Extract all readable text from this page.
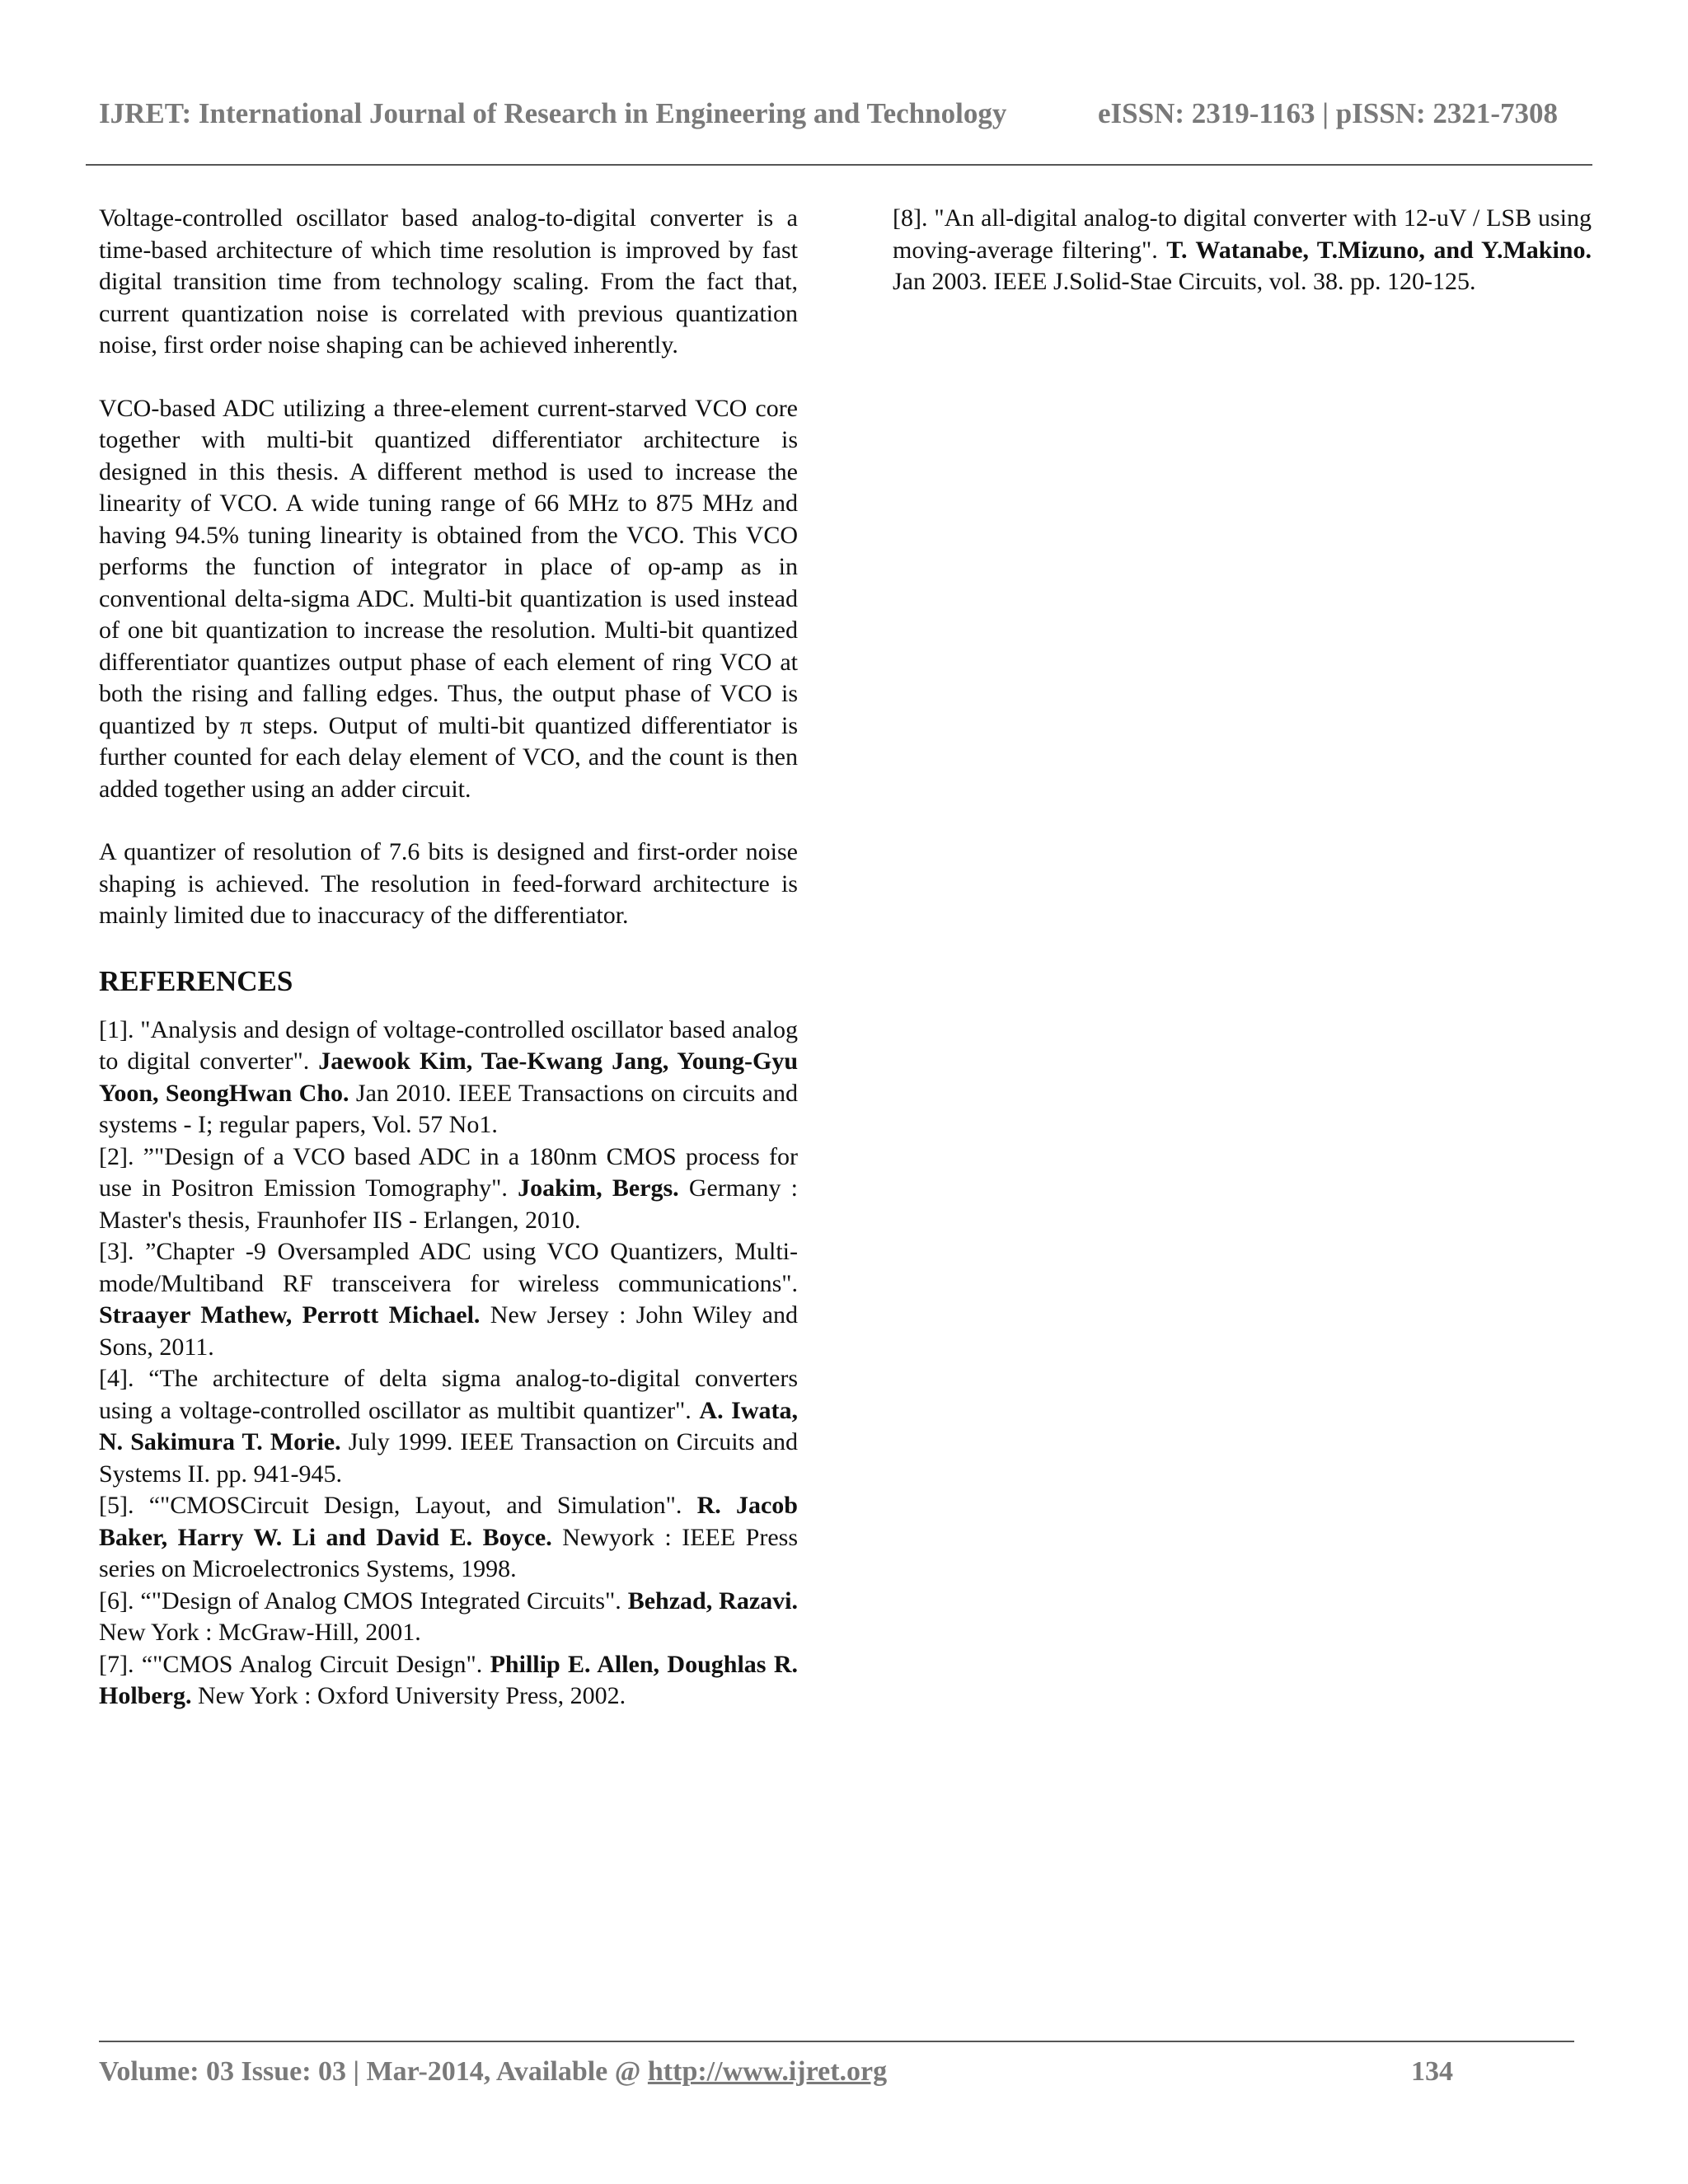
IJRET: International Journal of Research in Engineering and Technology	eISSN: 2319-1163 | pISSN: 2321-7308

Voltage-controlled oscillator based analog-to-digital converter is a time-based architecture of which time resolution is improved by fast digital transition time from technology scaling. From the fact that, current quantization noise is correlated with previous quantization noise, first order noise shaping can be achieved inherently.

VCO-based ADC utilizing a three-element current-starved VCO core together with multi-bit quantized differentiator architecture is designed in this thesis. A different method is used to increase the linearity of VCO. A wide tuning range of 66 MHz to 875 MHz and having 94.5% tuning linearity is obtained from the VCO. This VCO performs the function of integrator in place of op-amp as in conventional delta-sigma ADC. Multi-bit quantization is used instead of one bit quantization to increase the resolution. Multi-bit quantized differentiator quantizes output phase of each element of ring VCO at both the rising and falling edges. Thus, the output phase of VCO is quantized by π steps. Output of multi-bit quantized differentiator is further counted for each delay element of VCO, and the count is then added together using an adder circuit.

A quantizer of resolution of 7.6 bits is designed and first-order noise shaping is achieved. The resolution in feed-forward architecture is mainly limited due to inaccuracy of the differentiator.

REFERENCES
[1]. "Analysis and design of voltage-controlled oscillator based analog to digital converter". Jaewook Kim, Tae-Kwang Jang, Young-Gyu Yoon, SeongHwan Cho. Jan 2010. IEEE Transactions on circuits and systems - I; regular papers, Vol. 57 No1.
[2]. ”"Design of a VCO based ADC in a 180nm CMOS process for use in Positron Emission Tomography". Joakim, Bergs. Germany : Master's thesis, Fraunhofer IIS - Erlangen, 2010.
[3]. ”Chapter -9 Oversampled ADC using VCO Quantizers, Multi-mode/Multiband RF transceivera for wireless communications". Straayer Mathew, Perrott Michael. New Jersey : John Wiley and Sons, 2011.
[4]. “The architecture of delta sigma analog-to-digital converters using a voltage-controlled oscillator as multibit quantizer". A. Iwata, N. Sakimura T. Morie. July 1999. IEEE Transaction on Circuits and Systems II. pp. 941-945.
[5]. “"CMOSCircuit Design, Layout, and Simulation". R. Jacob Baker, Harry W. Li and David E. Boyce. Newyork : IEEE Press series on Microelectronics Systems, 1998.
[6]. “"Design of Analog CMOS Integrated Circuits". Behzad, Razavi. New York : McGraw-Hill, 2001.
[7]. “"CMOS Analog Circuit Design". Phillip E. Allen, Doughlas R. Holberg. New York : Oxford University Press, 2002.
[8]. "An all-digital analog-to digital converter with 12-uV / LSB using moving-average filtering". T. Watanabe, T.Mizuno, and Y.Makino. Jan 2003. IEEE J.Solid-Stae Circuits, vol. 38. pp. 120-125.
Volume: 03 Issue: 03 | Mar-2014, Available @ http://www.ijret.org	134
